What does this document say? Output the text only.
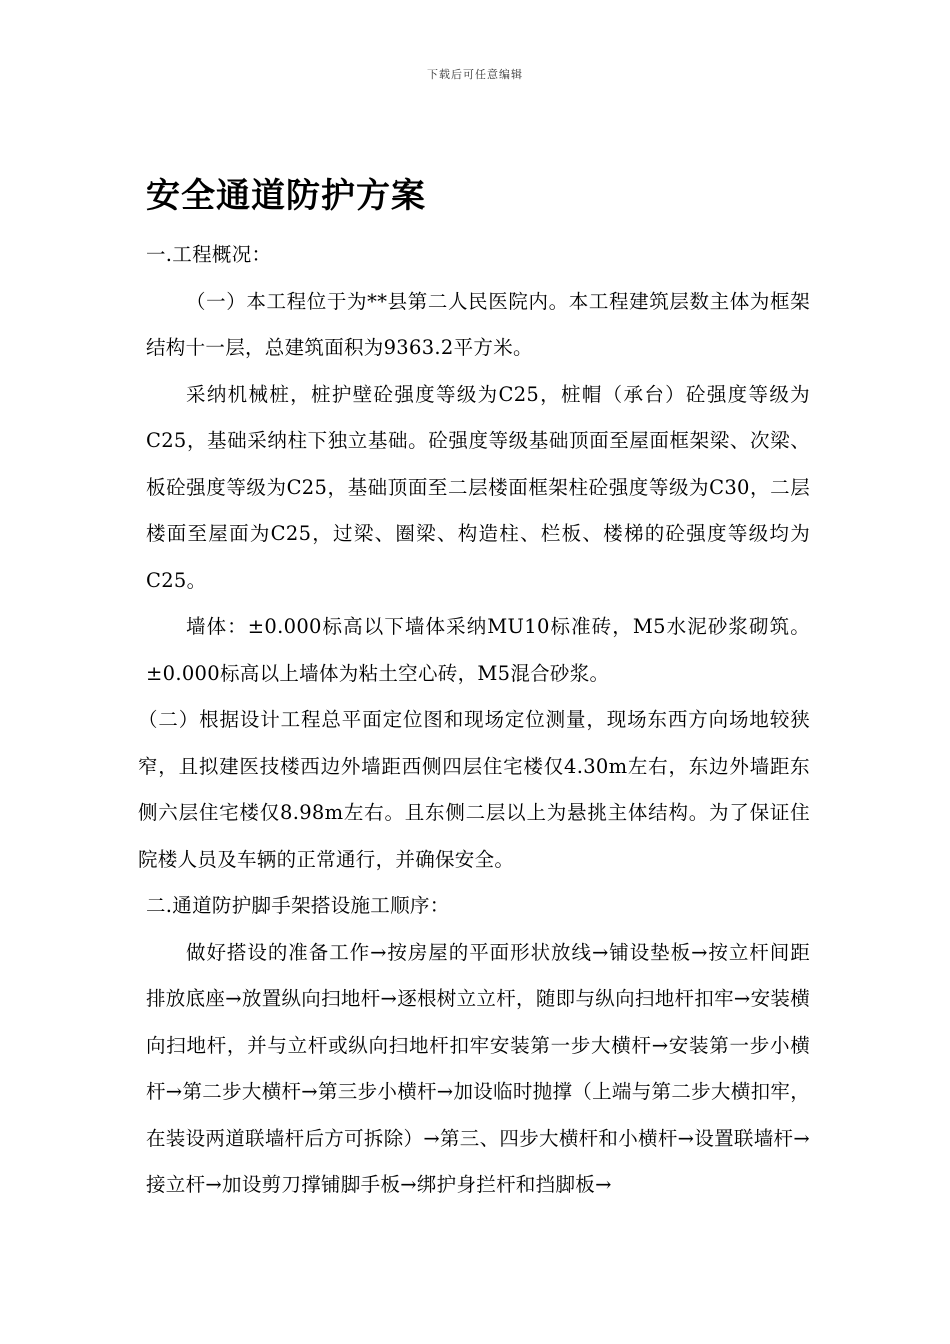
下载后可任意编辑
安全通道防护方案

一.工程概况：

（一）本工程位于为**县第二人民医院内。本工程建筑层数主体为框架结构十一层，总建筑面积为9363.2平方米。

采纳机械桩，桩护壁砼强度等级为C25，桩帽（承台）砼强度等级为C25，基础采纳柱下独立基础。砼强度等级基础顶面至屋面框架梁、次梁、板砼强度等级为C25，基础顶面至二层楼面框架柱砼强度等级为C30，二层楼面至屋面为C25，过梁、圈梁、构造柱、栏板、楼梯的砼强度等级均为C25。

墙体：±0.000标高以下墙体采纳MU10标准砖，M5水泥砂浆砌筑。±0.000标高以上墙体为粘土空心砖，M5混合砂浆。

（二）根据设计工程总平面定位图和现场定位测量，现场东西方向场地较狭窄，且拟建医技楼西边外墙距西侧四层住宅楼仅4.30m左右，东边外墙距东侧六层住宅楼仅8.98m左右。且东侧二层以上为悬挑主体结构。为了保证住院楼人员及车辆的正常通行，并确保安全。

二.通道防护脚手架搭设施工顺序：

做好搭设的准备工作→按房屋的平面形状放线→铺设垫板→按立杆间距排放底座→放置纵向扫地杆→逐根树立立杆，随即与纵向扫地杆扣牢→安装横向扫地杆，并与立杆或纵向扫地杆扣牢安装第一步大横杆→安装第一步小横杆→第二步大横杆→第三步小横杆→加设临时抛撑（上端与第二步大横扣牢，在装设两道联墙杆后方可拆除）→第三、四步大横杆和小横杆→设置联墙杆→接立杆→加设剪刀撑铺脚手板→绑护身拦杆和挡脚板→
